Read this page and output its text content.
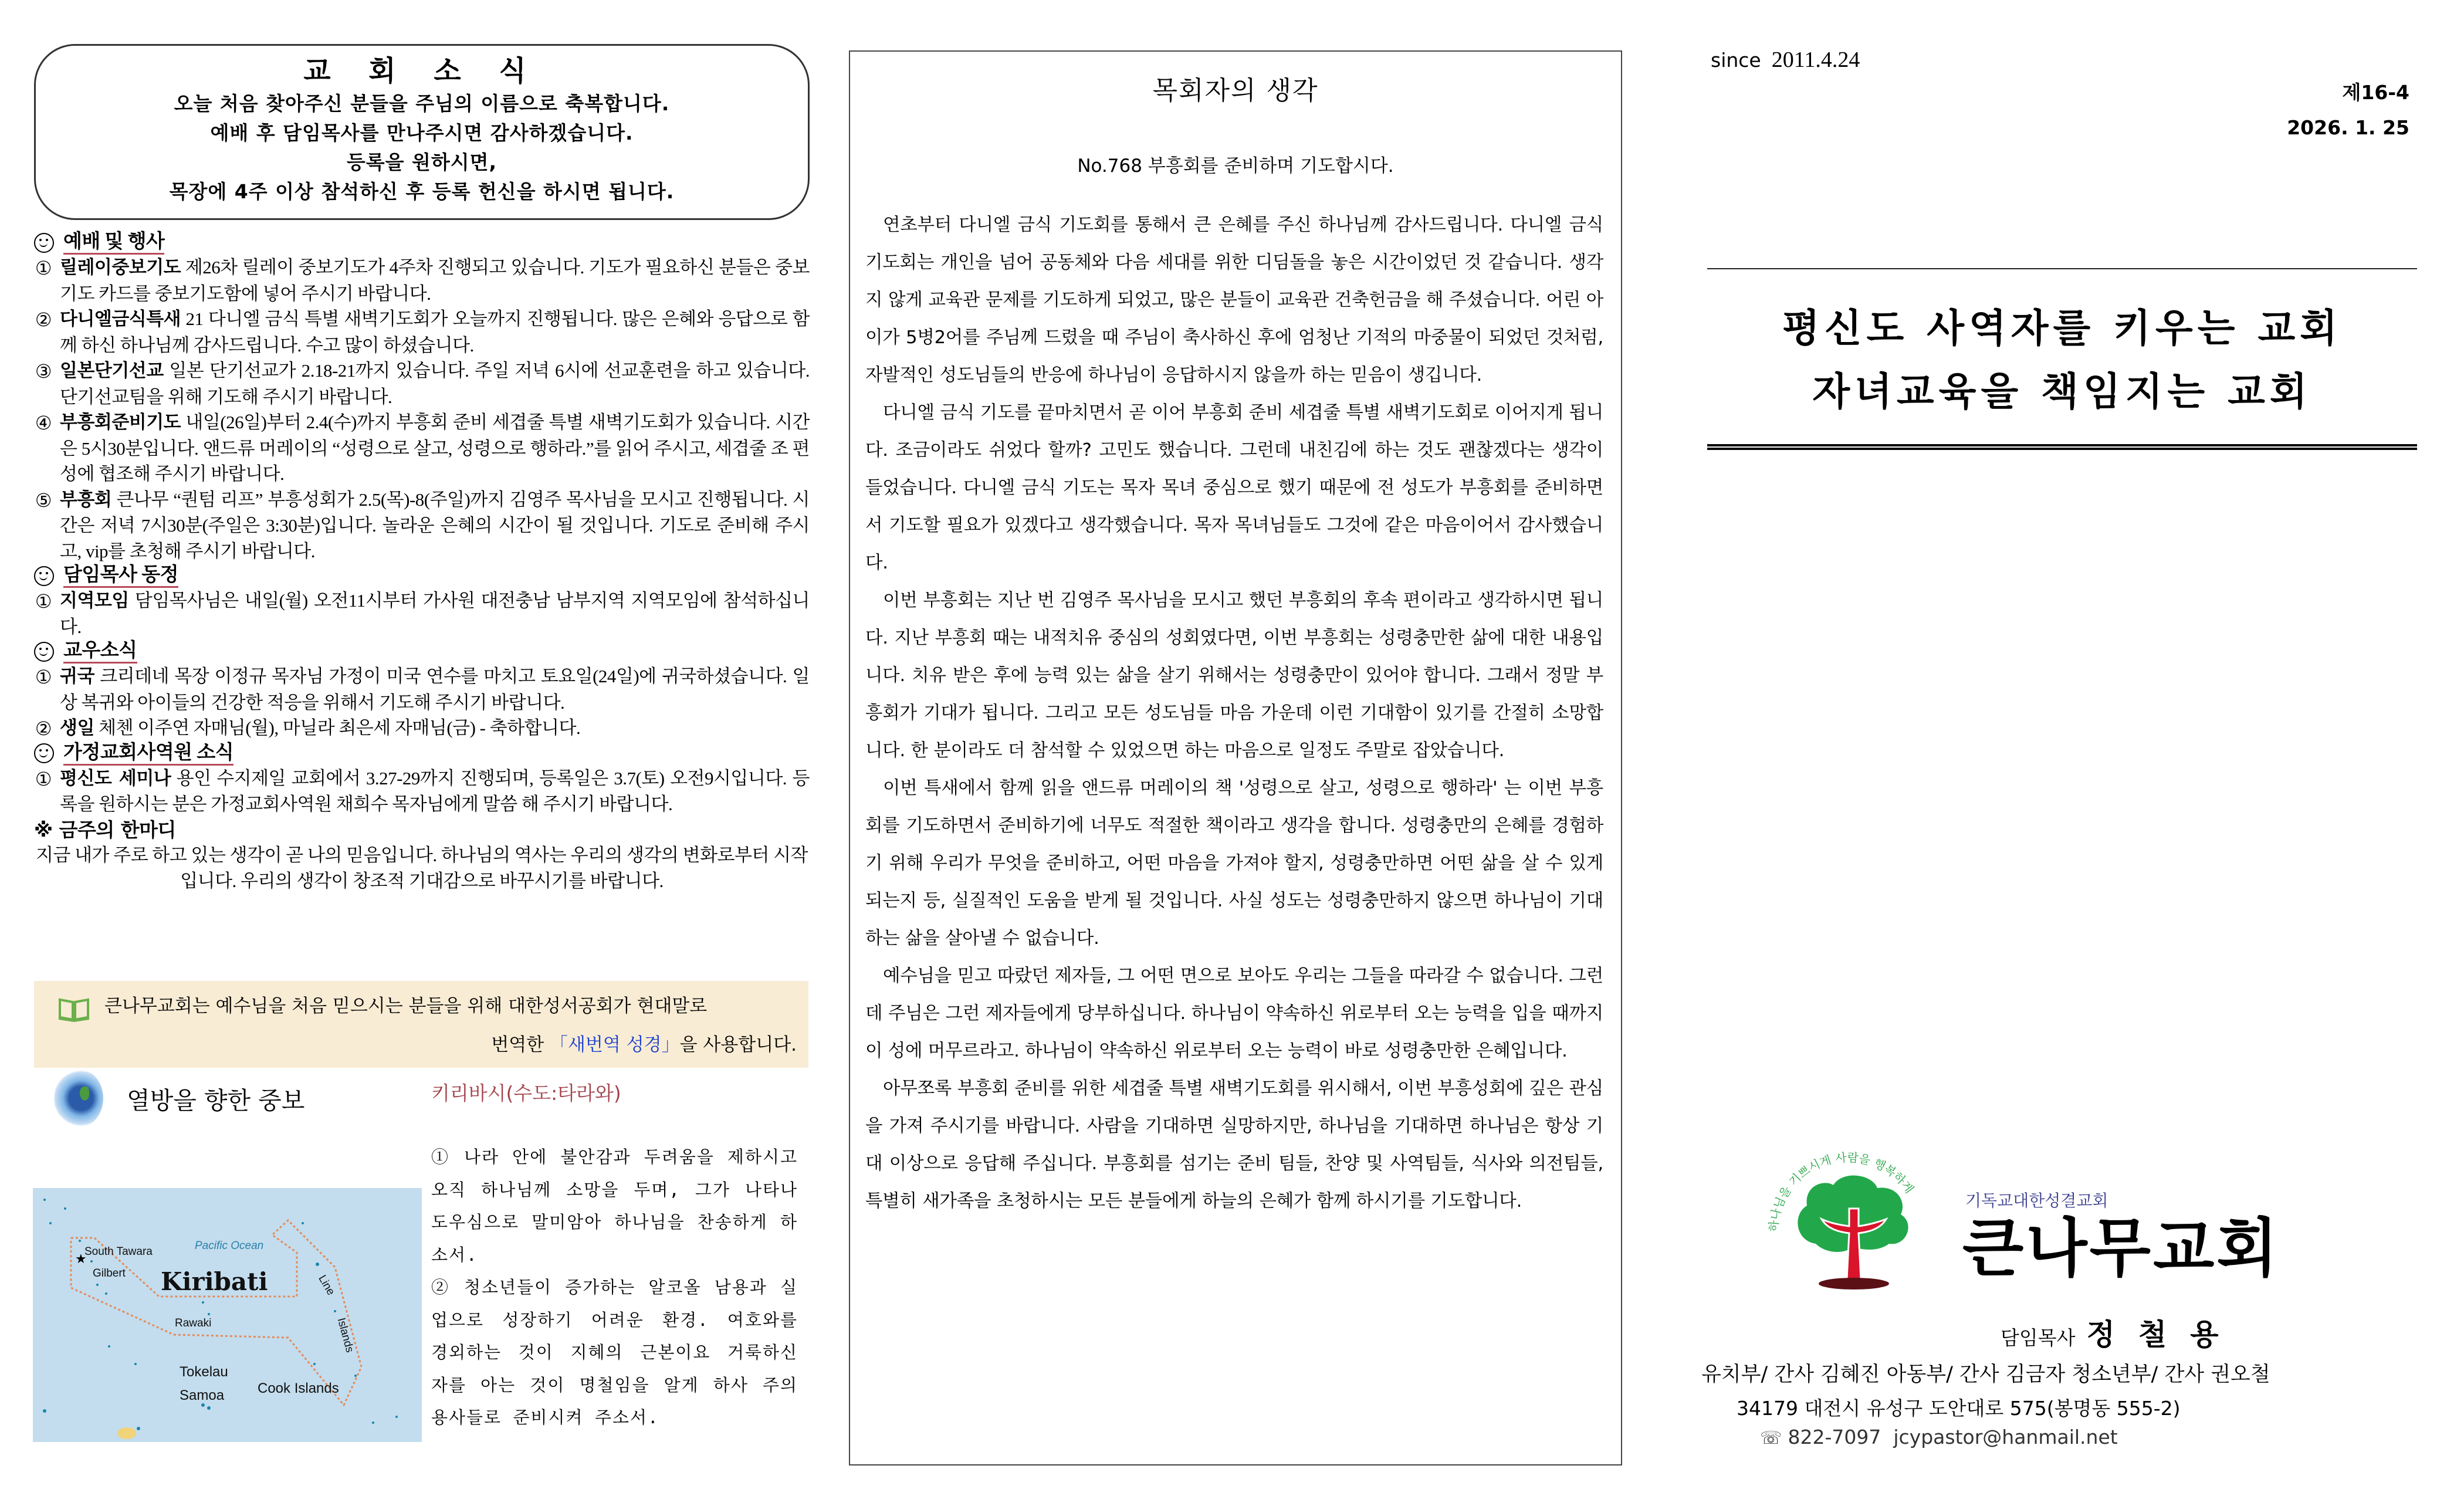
교 회 소 식
오늘 처음 찾아주신 분들을 주님의 이름으로 축복합니다.
예배 후 담임목사를 만나주시면 감사하겠습니다.
등록을 원하시면,
목장에 4주 이상 참석하신 후 등록 헌신을 하시면 됩니다.
예배 및 행사
① 릴레이중보기도 제26차 릴레이 중보기도가 4주차 진행되고 있습니다. 기도가 필요하신 분들은 중보기도 카드를 중보기도함에 넣어 주시기 바랍니다.
② 다니엘금식특새 21 다니엘 금식 특별 새벽기도회가 오늘까지 진행됩니다. 많은 은혜와 응답으로 함께 하신 하나님께 감사드립니다. 수고 많이 하셨습니다.
③ 일본단기선교 일본 단기선교가 2.18-21까지 있습니다. 주일 저녁 6시에 선교훈련을 하고 있습니다. 단기선교팀을 위해 기도해 주시기 바랍니다.
④ 부흥회준비기도 내일(26일)부터 2.4(수)까지 부흥회 준비 세겹줄 특별 새벽기도회가 있습니다. 시간은 5시30분입니다. 앤드류 머레이의 “성령으로 살고, 성령으로 행하라.”를 읽어 주시고, 세겹줄 조 편성에 협조해 주시기 바랍니다.
⑤ 부흥회 큰나무 “퀀텀 리프” 부흥성회가 2.5(목)-8(주일)까지 김영주 목사님을 모시고 진행됩니다. 시간은 저녁 7시30분(주일은 3:30분)입니다. 놀라운 은혜의 시간이 될 것입니다. 기도로 준비해 주시고, vip를 초청해 주시기 바랍니다.
담임목사 동정
① 지역모임 담임목사님은 내일(월) 오전11시부터 가사원 대전충남 남부지역 지역모임에 참석하십니다.
교우소식
① 귀국 크리데네 목장 이정규 목자님 가정이 미국 연수를 마치고 토요일(24일)에 귀국하셨습니다. 일상 복귀와 아이들의 건강한 적응을 위해서 기도해 주시기 바랍니다.
② 생일 체첸 이주연 자매님(월), 마닐라 최은세 자매님(금) - 축하합니다.
가정교회사역원 소식
① 평신도 세미나 용인 수지제일 교회에서 3.27-29까지 진행되며, 등록일은 3.7(토) 오전9시입니다. 등록을 원하시는 분은 가정교회사역원 채희수 목자님에게 말씀 해 주시기 바랍니다.
※ 금주의 한마디
지금 내가 주로 하고 있는 생각이 곧 나의 믿음입니다. 하나님의 역사는 우리의 생각의 변화로부터 시작입니다. 우리의 생각이 창조적 기대감으로 바꾸시기를 바랍니다.
큰나무교회는 예수님을 처음 믿으시는 분들을 위해 대한성서공회가 현대말로
번역한 「새번역 성경」을 사용합니다.
열방을 향한 중보	키리바시(수도:타라와)
★
South Tawara
Gilbert
Pacific Ocean
Kiribati	Line
Islands
Rawaki
Tokelau
Samoa Cook Islands
① 나라 안에 불안감과 두려움을 제하시고 오직 하나님께 소망을 두며, 그가 나타나 도우심으로 말미암아 하나님을 찬송하게 하소서.
② 청소년들이 증가하는 알코올 남용과 실업으로 성장하기 어려운 환경. 여호와를 경외하는 것이 지혜의 근본이요 거룩하신 자를 아는 것이 명철임을 알게 하사 주의 용사들로 준비시켜 주소서.
목회자의 생각
No.768 부흥회를 준비하며 기도합시다.

연초부터 다니엘 금식 기도회를 통해서 큰 은혜를 주신 하나님께 감사드립니다. 다니엘 금식 기도회는 개인을 넘어 공동체와 다음 세대를 위한 디딤돌을 놓은 시간이었던 것 같습니다. 생각지 않게 교육관 문제를 기도하게 되었고, 많은 분들이 교육관 건축헌금을 해 주셨습니다. 어린 아이가 5병2어를 주님께 드렸을 때 주님이 축사하신 후에 엄청난 기적의 마중물이 되었던 것처럼, 자발적인 성도님들의 반응에 하나님이 응답하시지 않을까 하는 믿음이 생깁니다.

다니엘 금식 기도를 끝마치면서 곧 이어 부흥회 준비 세겹줄 특별 새벽기도회로 이어지게 됩니다. 조금이라도 쉬었다 할까? 고민도 했습니다. 그런데 내친김에 하는 것도 괜찮겠다는 생각이 들었습니다. 다니엘 금식 기도는 목자 목녀 중심으로 했기 때문에 전 성도가 부흥회를 준비하면서 기도할 필요가 있겠다고 생각했습니다. 목자 목녀님들도 그것에 같은 마음이어서 감사했습니다.

이번 부흥회는 지난 번 김영주 목사님을 모시고 했던 부흥회의 후속 편이라고 생각하시면 됩니다. 지난 부흥회 때는 내적치유 중심의 성회였다면, 이번 부흥회는 성령충만한 삶에 대한 내용입니다. 치유 받은 후에 능력 있는 삶을 살기 위해서는 성령충만이 있어야 합니다. 그래서 정말 부흥회가 기대가 됩니다. 그리고 모든 성도님들 마음 가운데 이런 기대함이 있기를 간절히 소망합니다. 한 분이라도 더 참석할 수 있었으면 하는 마음으로 일정도 주말로 잡았습니다.

이번 특새에서 함께 읽을 앤드류 머레이의 책 '성령으로 살고, 성령으로 행하라' 는 이번 부흥회를 기도하면서 준비하기에 너무도 적절한 책이라고 생각을 합니다. 성령충만의 은혜를 경험하기 위해 우리가 무엇을 준비하고, 어떤 마음을 가져야 할지, 성령충만하면 어떤 삶을 살 수 있게 되는지 등, 실질적인 도움을 받게 될 것입니다. 사실 성도는 성령충만하지 않으면 하나님이 기대하는 삶을 살아낼 수 없습니다.

예수님을 믿고 따랐던 제자들, 그 어떤 면으로 보아도 우리는 그들을 따라갈 수 없습니다. 그런데 주님은 그런 제자들에게 당부하십니다. 하나님이 약속하신 위로부터 오는 능력을 입을 때까지 이 성에 머무르라고. 하나님이 약속하신 위로부터 오는 능력이 바로 성령충만한 은혜입니다.

아무쪼록 부흥회 준비를 위한 세겹줄 특별 새벽기도회를 위시해서, 이번 부흥성회에 깊은 관심을 가져 주시기를 바랍니다. 사람을 기대하면 실망하지만, 하나님을 기대하면 하나님은 항상 기대 이상으로 응답해 주십니다. 부흥회를 섬기는 준비 팀들, 찬양 및 사역팀들, 식사와 의전팀들, 특별히 새가족을 초청하시는 모든 분들에게 하늘의 은혜가 함께 하시기를 기도합니다.

since 2011.4.24
제16-4
2026. 1. 25
평신도 사역자를 키우는 교회
자녀교육을 책임지는 교회
하나님을 기쁘시게 사람을 행복하게
기독교대한성결교회
큰나무교회
담임목사 정철용
유치부/ 간사 김혜진 아동부/ 간사 김금자 청소년부/ 간사 권오철
34179 대전시 유성구 도안대로 575(봉명동 555-2)
☏ 822-7097 jcypastor@hanmail.net
